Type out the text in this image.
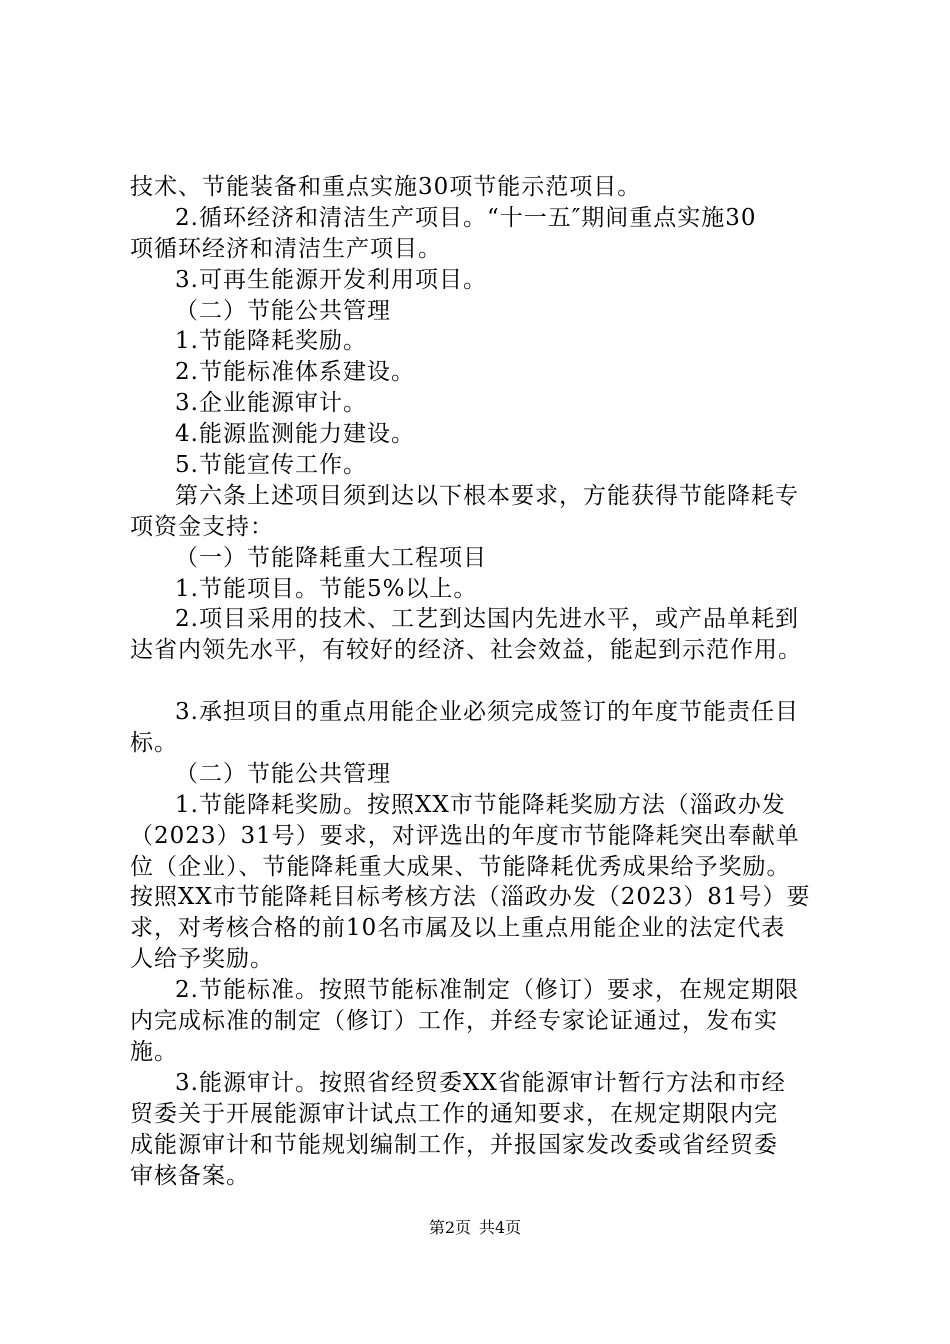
技术、节能装备和重点实施30项节能示范项目。
2.循环经济和清洁生产项目。“十一五″期间重点实施30
项循环经济和清洁生产项目。
3.可再生能源开发利用项目。
（二）节能公共管理
1.节能降耗奖励。
2.节能标准体系建设。
3.企业能源审计。
4.能源监测能力建设。
5.节能宣传工作。
第六条上述项目须到达以下根本要求，方能获得节能降耗专
项资金支持：
（一）节能降耗重大工程项目
1.节能项目。节能5%以上。
2.项目采用的技术、工艺到达国内先进水平，或产品单耗到
达省内领先水平，有较好的经济、社会效益，能起到示范作用。
3.承担项目的重点用能企业必须完成签订的年度节能责任目
标。
（二）节能公共管理
1.节能降耗奖励。按照XX市节能降耗奖励方法（淄政办发
（2023）31号）要求，对评选出的年度市节能降耗突出奉献单
位（企业）、节能降耗重大成果、节能降耗优秀成果给予奖励。
按照XX市节能降耗目标考核方法（淄政办发（2023）81号）要
求，对考核合格的前10名市属及以上重点用能企业的法定代表
人给予奖励。
2.节能标准。按照节能标准制定（修订）要求，在规定期限
内完成标准的制定（修订）工作，并经专家论证通过，发布实
施。
3.能源审计。按照省经贸委XX省能源审计暂行方法和市经
贸委关于开展能源审计试点工作的通知要求，在规定期限内完
成能源审计和节能规划编制工作，并报国家发改委或省经贸委
审核备案。
第2页 共4页
